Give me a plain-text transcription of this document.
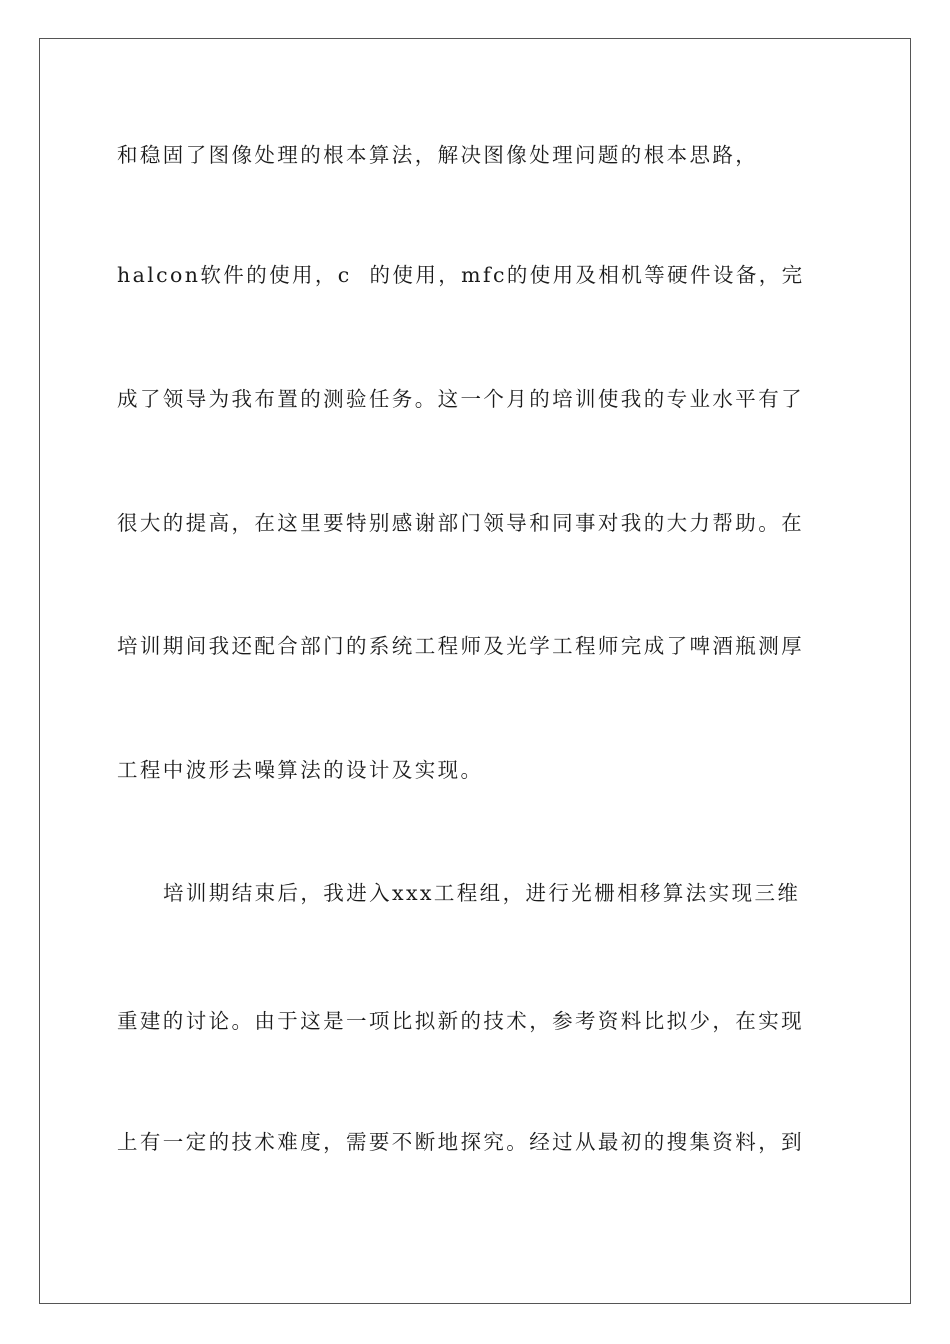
和稳固了图像处理的根本算法，解决图像处理问题的根本思路，
halcon软件的使用，c  的使用，mfc的使用及相机等硬件设备，完
成了领导为我布置的测验任务。这一个月的培训使我的专业水平有了
很大的提高，在这里要特别感谢部门领导和同事对我的大力帮助。在
培训期间我还配合部门的系统工程师及光学工程师完成了啤酒瓶测厚
工程中波形去噪算法的设计及实现。
培训期结束后，我进入xxx工程组，进行光栅相移算法实现三维
重建的讨论。由于这是一项比拟新的技术，参考资料比拟少，在实现
上有一定的技术难度，需要不断地探究。经过从最初的搜集资料，到
